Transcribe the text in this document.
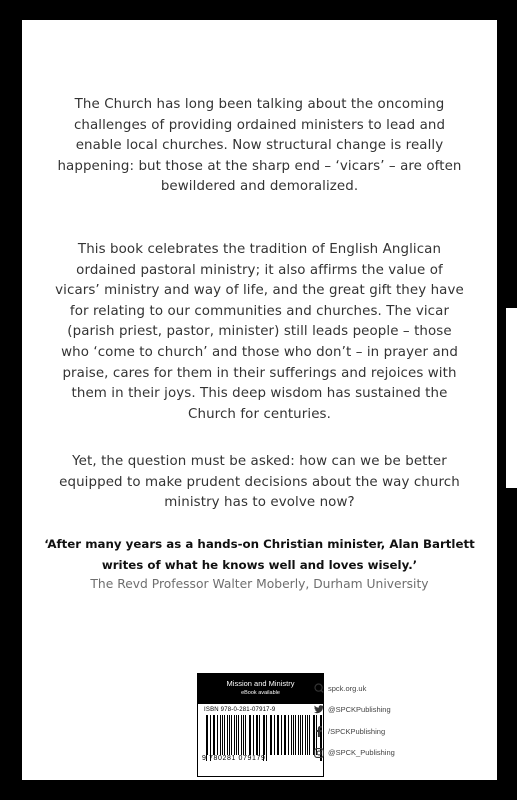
The Church has long been talking about the oncoming challenges of providing ordained ministers to lead and enable local churches. Now structural change is really happening: but those at the sharp end – ‘vicars’ – are often bewildered and demoralized.

This book celebrates the tradition of English Anglican ordained pastoral ministry; it also affirms the value of vicars’ ministry and way of life, and the great gift they have for relating to our communities and churches. The vicar (parish priest, pastor, minister) still leads people – those who ‘come to church’ and those who don’t – in prayer and praise, cares for them in their sufferings and rejoices with them in their joys. This deep wisdom has sustained the Church for centuries.

Yet, the question must be asked: how can we be better equipped to make prudent decisions about the way church ministry has to evolve now?

‘After many years as a hands-on Christian minister, Alan Bartlett writes of what he knows well and loves wisely.’

The Revd Professor Walter Moberly, Durham University

Mission and Ministry
eBook available
ISBN 978-0-281-07917-9
9 780281 079179
spck.org.uk
@SPCKPublishing
/SPCKPublishing
@SPCK_Publishing
